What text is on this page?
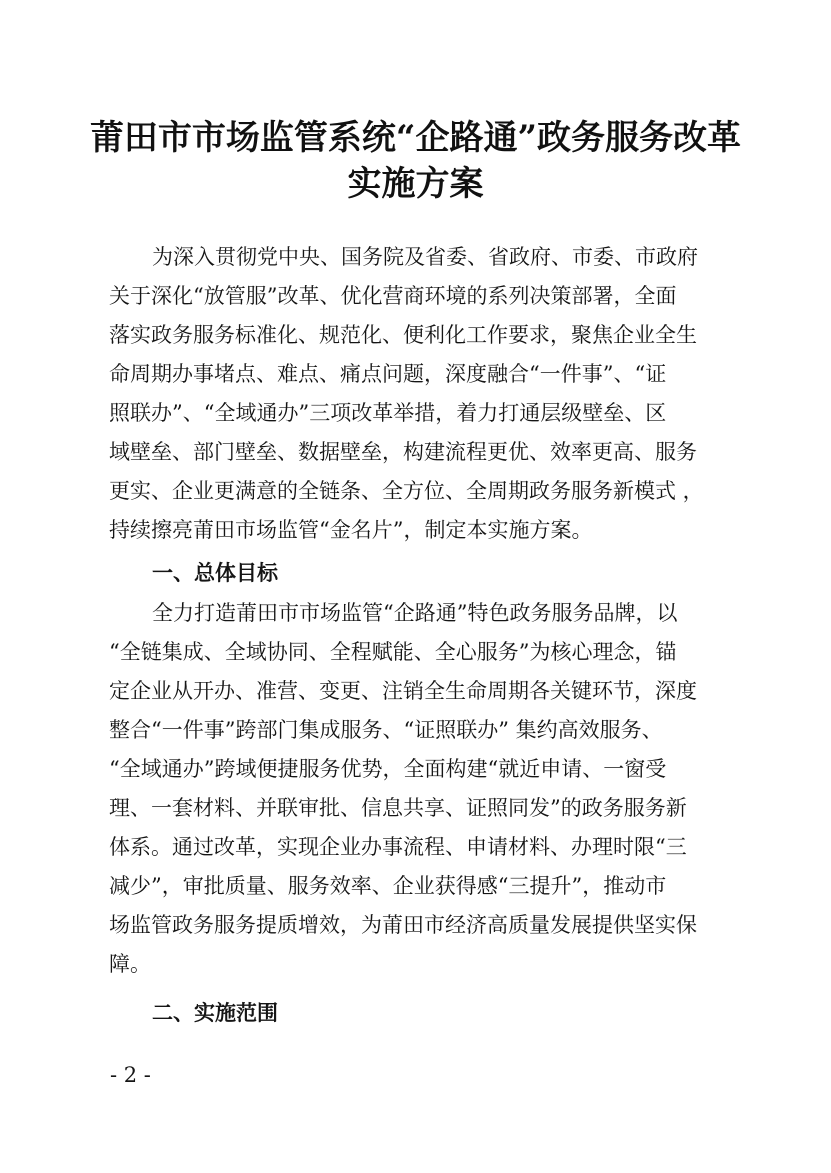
莆田市市场监管系统“企路通”政务服务改革
实施方案
为深入贯彻党中央、国务院及省委、省政府、市委、市政府
关于深化“放管服”改革、优化营商环境的系列决策部署，全面
落实政务服务标准化、规范化、便利化工作要求，聚焦企业全生
命周期办事堵点、难点、痛点问题，深度融合“一件事”、“证
照联办”、“全域通办”三项改革举措，着力打通层级壁垒、区
域壁垒、部门壁垒、数据壁垒，构建流程更优、效率更高、服务
更实、企业更满意的全链条、全方位、全周期政务服务新模式 ，
持续擦亮莆田市场监管“金名片”，制定本实施方案。
一、总体目标
全力打造莆田市市场监管“企路通”特色政务服务品牌，以
“全链集成、全域协同、全程赋能、全心服务”为核心理念，锚
定企业从开办、准营、变更、注销全生命周期各关键环节，深度
整合“一件事”跨部门集成服务、“证照联办” 集约高效服务、
“全域通办”跨域便捷服务优势，全面构建“就近申请、一窗受
理、一套材料、并联审批、信息共享、证照同发”的政务服务新
体系。通过改革，实现企业办事流程、申请材料、办理时限“三
减少”，审批质量、服务效率、企业获得感“三提升”，推动市
场监管政务服务提质增效，为莆田市经济高质量发展提供坚实保
障。
二、实施范围
- 2 -
